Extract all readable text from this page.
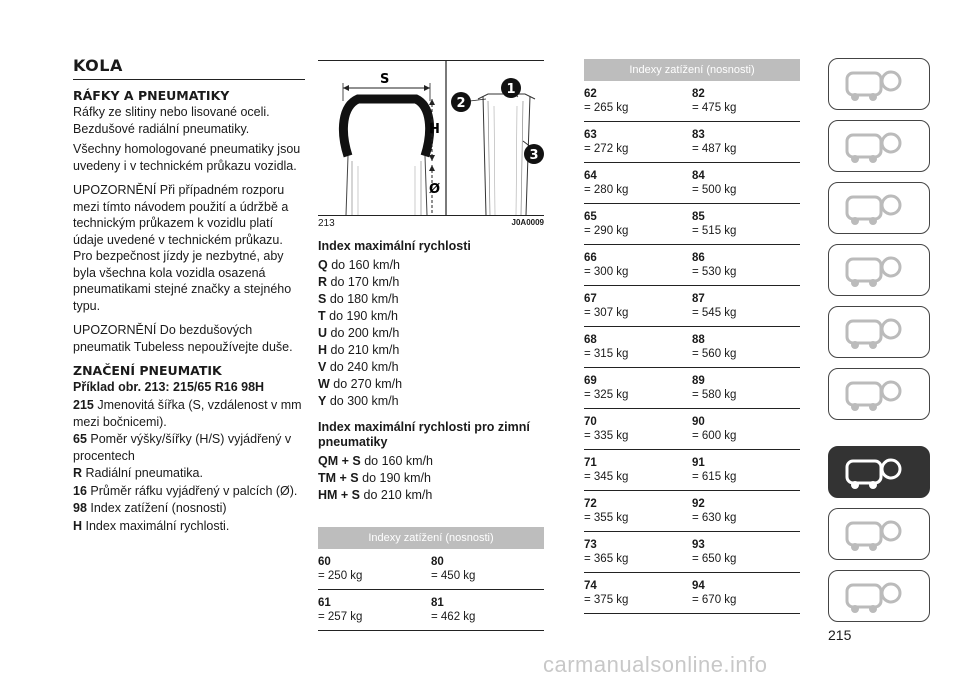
KOLA
RÁFKY A PNEUMATIKY
Ráfky ze slitiny nebo lisované oceli. Bezdušové radiální pneumatiky.
Všechny homologované pneumatiky jsou uvedeny i v technickém průkazu vozidla.
UPOZORNĚNÍ Při případném rozporu mezi tímto návodem použití a údržbě a technickým průkazem k vozidlu platí údaje uvedené v technickém průkazu. Pro bezpečnost jízdy je nezbytné, aby byla všechna kola vozidla osazená pneumatikami stejné značky a stejného typu.
UPOZORNĚNÍ Do bezdušových pneumatik Tubeless nepoužívejte duše.
ZNAČENÍ PNEUMATIK
Příklad obr. 213: 215/65 R16 98H
215 Jmenovitá šířka (S, vzdálenost v mm mezi bočnicemi).
65 Poměr výšky/šířky (H/S) vyjádřený v procentech
R Radiální pneumatika.
16 Průměr ráfku vyjádřený v palcích (Ø).
98 Index zatížení (nosnosti)
H Index maximální rychlosti.
S
H
Ø
1
2
3
213	J0A0009
Index maximální rychlosti
Q do 160 km/h
R do 170 km/h
S do 180 km/h
T do 190 km/h
U do 200 km/h
H do 210 km/h
V do 240 km/h
W do 270 km/h
Y do 300 km/h
Index maximální rychlosti pro zimní pneumatiky
QM + S do 160 km/h
TM + S do 190 km/h
HM + S do 210 km/h
Indexy zatížení (nosnosti)
60
= 250 kg
80
= 450 kg
61
= 257 kg
81
= 462 kg
Indexy zatížení (nosnosti)
62
= 265 kg
82
= 475 kg
63
= 272 kg
83
= 487 kg
64
= 280 kg
84
= 500 kg
65
= 290 kg
85
= 515 kg
66
= 300 kg
86
= 530 kg
67
= 307 kg
87
= 545 kg
68
= 315 kg
88
= 560 kg
69
= 325 kg
89
= 580 kg
70
= 335 kg
90
= 600 kg
71
= 345 kg
91
= 615 kg
72
= 355 kg
92
= 630 kg
73
= 365 kg
93
= 650 kg
74
= 375 kg
94
= 670 kg
215
carmanualsonline.info
